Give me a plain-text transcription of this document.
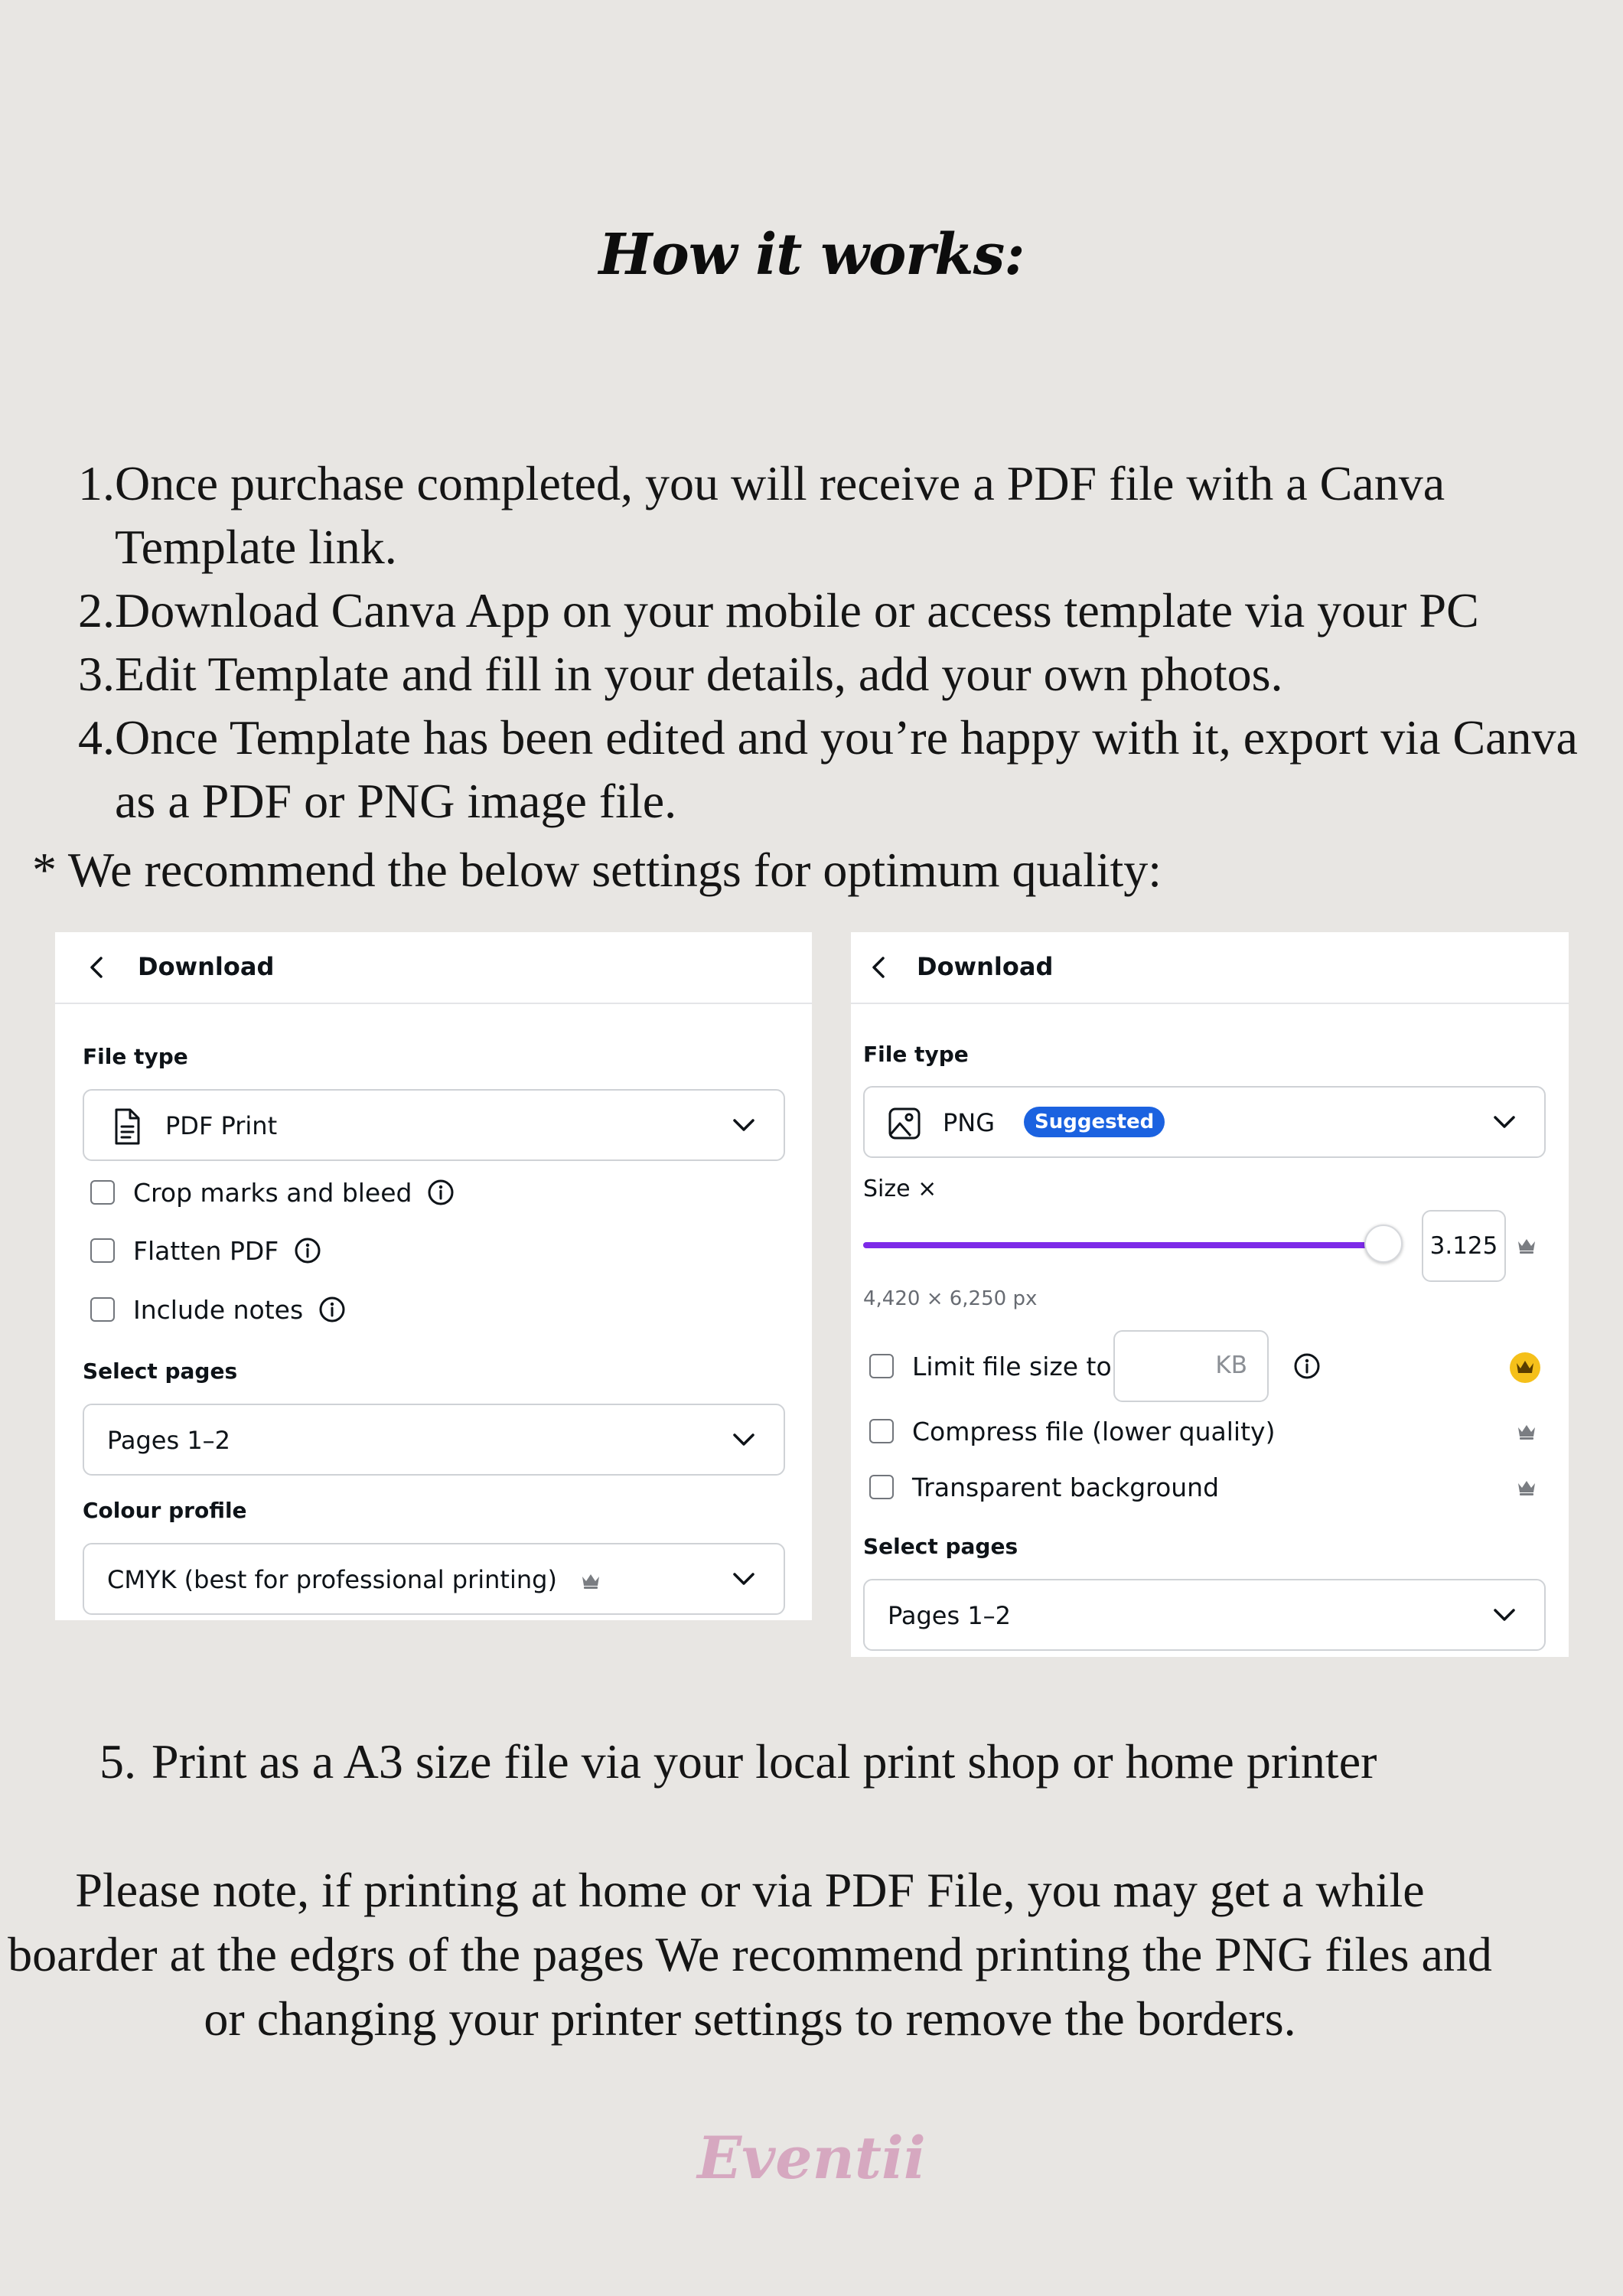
How it works:
1. Once purchase completed, you will receive a PDF file with a Canva Template link.
2. Download Canva App on your mobile or access template via your PC
3. Edit Template and fill in your details, add your own photos.
4. Once Template has been edited and you’re happy with it, export via Canva as a PDF or PNG image file.
* We recommend the below settings for optimum quality:
Download
File type
PDF Print
Crop marks and bleed
Flatten PDF
Include notes
Select pages
Pages 1–2
Colour profile
CMYK (best for professional printing)
Download
File type
PNG	Suggested
Size ×
3.125
4,420 × 6,250 px
Limit file size to	KB
Compress file (lower quality)
Transparent background
Select pages
Pages 1–2
5. Print as a A3 size file via your local print shop or home printer
Please note, if printing at home or via PDF File, you may get a while boarder at the edgrs of the pages We recommend printing the PNG files and or changing your printer settings to remove the borders.
Eventii
